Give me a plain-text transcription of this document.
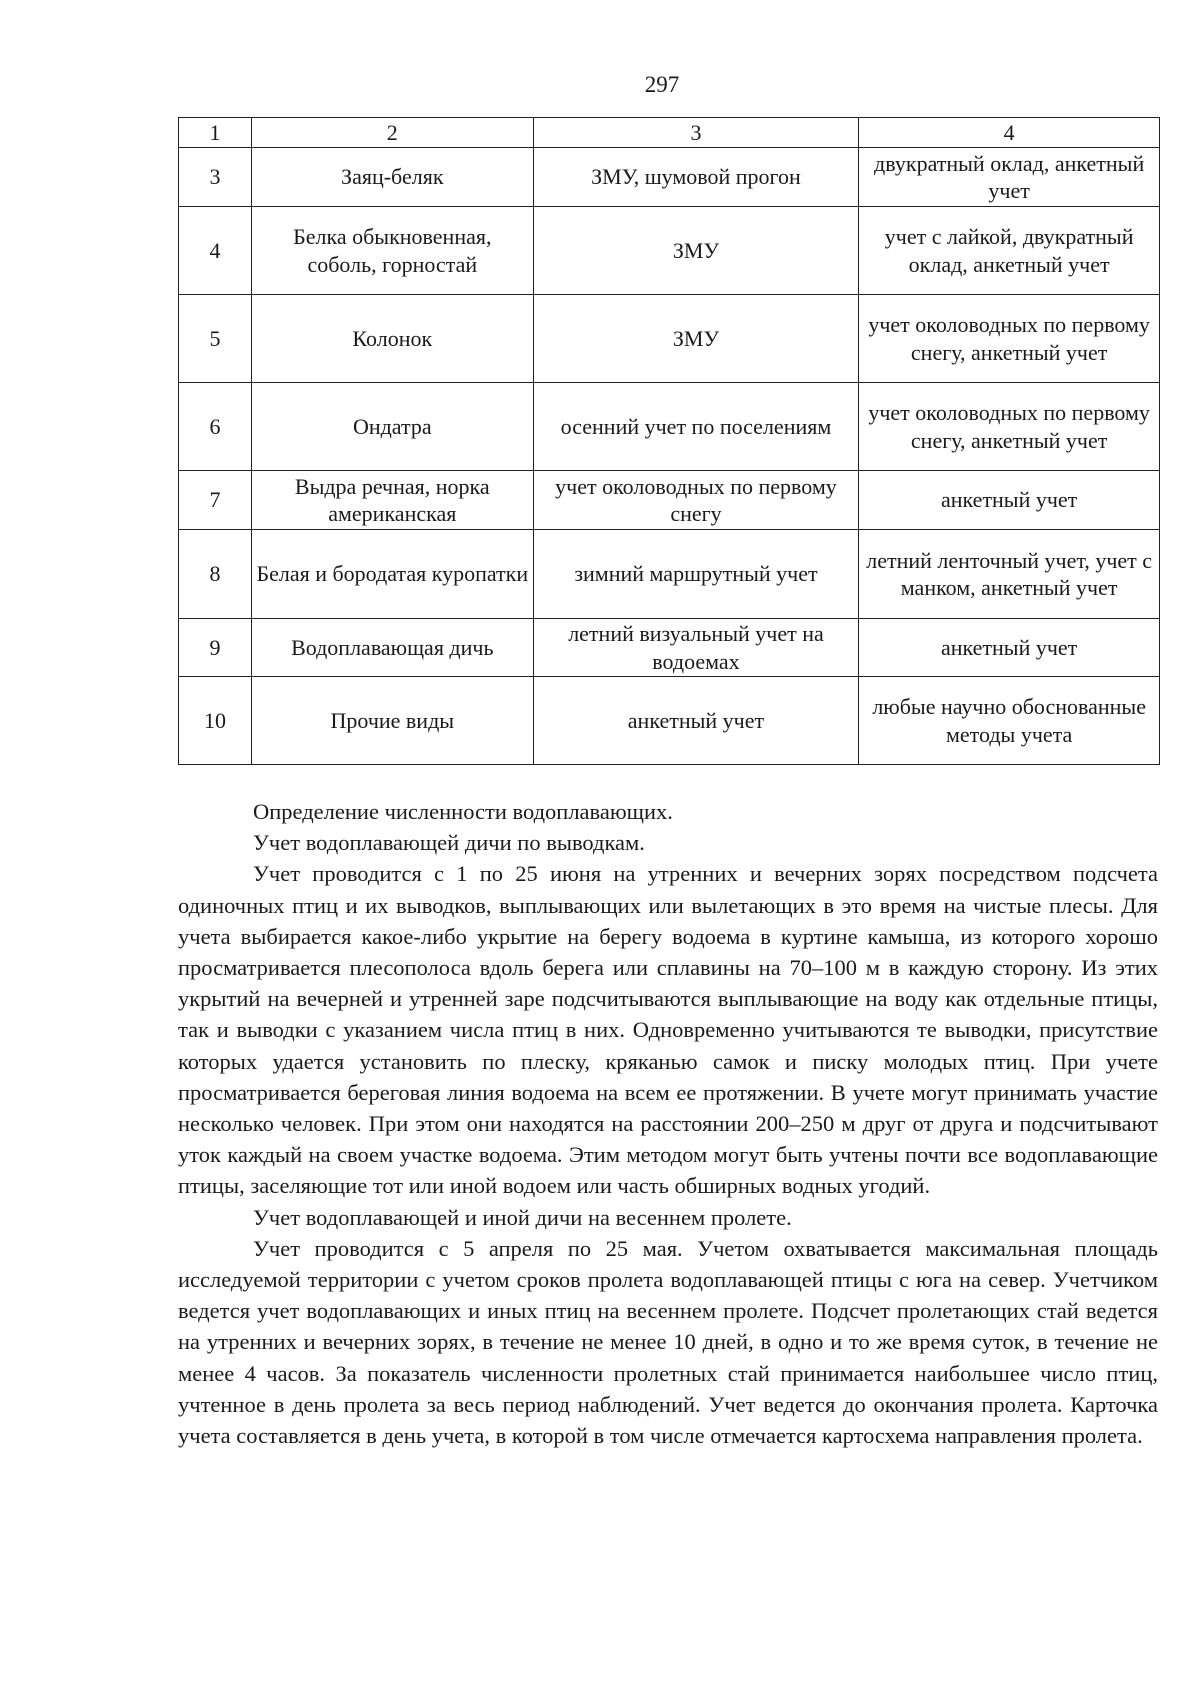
297
1	2	3	4
3	Заяц-беляк	ЗМУ, шумовой прогон	двукратный оклад, анкетный учет
4	Белка обыкновенная, соболь, горностай	ЗМУ	учет с лайкой, двукратный оклад, анкетный учет
5	Колонок	ЗМУ	учет околоводных по первому снегу, анкетный учет
6	Ондатра	осенний учет по поселениям	учет околоводных по первому снегу, анкетный учет
7	Выдра речная, норка американская	учет околоводных по первому снегу	анкетный учет
8	Белая и бородатая куропатки	зимний маршрутный учет	летний ленточный учет, учет с манком, анкетный учет
9	Водоплавающая дичь	летний визуальный учет на водоемах	анкетный учет
10	Прочие виды	анкетный учет	любые научно обоснованные методы учета

Определение численности водоплавающих.

Учет водоплавающей дичи по выводкам.

Учет проводится с 1 по 25 июня на утренних и вечерних зорях посредством подсчета одиночных птиц и их выводков, выплывающих или вылетающих в это время на чистые плесы. Для учета выбирается какое-либо укрытие на берегу водоема в куртине камыша, из которого хорошо просматривается плесополоса вдоль берега или сплавины на 70–100 м в каждую сторону. Из этих укрытий на вечерней и утренней заре подсчитываются выплывающие на воду как отдельные птицы, так и выводки с указанием числа птиц в них. Одновременно учитываются те выводки, присутствие которых удается установить по плеску, кряканью самок и писку молодых птиц. При учете просматривается береговая линия водоема на всем ее протяжении. В учете могут принимать участие несколько человек. При этом они находятся на расстоянии 200–250 м друг от друга и подсчитывают уток каждый на своем участке водоема. Этим методом могут быть учтены почти все водоплавающие птицы, заселяющие тот или иной водоем или часть обширных водных угодий.

Учет водоплавающей и иной дичи на весеннем пролете.

Учет проводится с 5 апреля по 25 мая. Учетом охватывается максимальная площадь исследуемой территории с учетом сроков пролета водоплавающей птицы с юга на север. Учетчиком ведется учет водоплавающих и иных птиц на весеннем пролете. Подсчет пролетающих стай ведется на утренних и вечерних зорях, в течение не менее 10 дней, в одно и то же время суток, в течение не менее 4 часов. За показатель численности пролетных стай принимается наибольшее число птиц, учтенное в день пролета за весь период наблюдений. Учет ведется до окончания пролета. Карточка учета составляется в день учета, в которой в том числе отмечается картосхема направления пролета.
